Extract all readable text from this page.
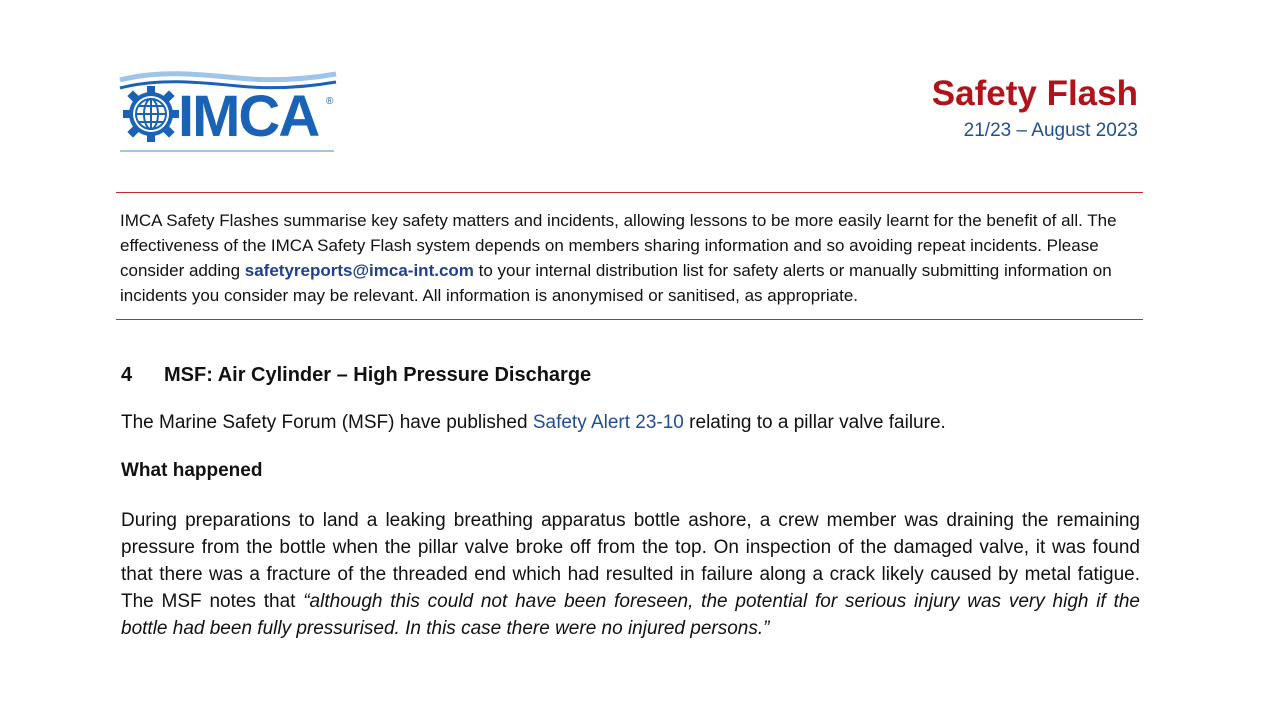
IMCA ®	Safety Flash
21/23 – August 2023
IMCA Safety Flashes summarise key safety matters and incidents, allowing lessons to be more easily learnt for the benefit of all. The effectiveness of the IMCA Safety Flash system depends on members sharing information and so avoiding repeat incidents. Please consider adding safetyreports@imca-int.com to your internal distribution list for safety alerts or manually submitting information on incidents you consider may be relevant. All information is anonymised or sanitised, as appropriate.
4 MSF: Air Cylinder – High Pressure Discharge
The Marine Safety Forum (MSF) have published Safety Alert 23-10 relating to a pillar valve failure.
What happened
During preparations to land a leaking breathing apparatus bottle ashore, a crew member was draining the remaining pressure from the bottle when the pillar valve broke off from the top. On inspection of the damaged valve, it was found that there was a fracture of the threaded end which had resulted in failure along a crack likely caused by metal fatigue. The MSF notes that “although this could not have been foreseen, the potential for serious injury was very high if the bottle had been fully pressurised. In this case there were no injured persons.”
